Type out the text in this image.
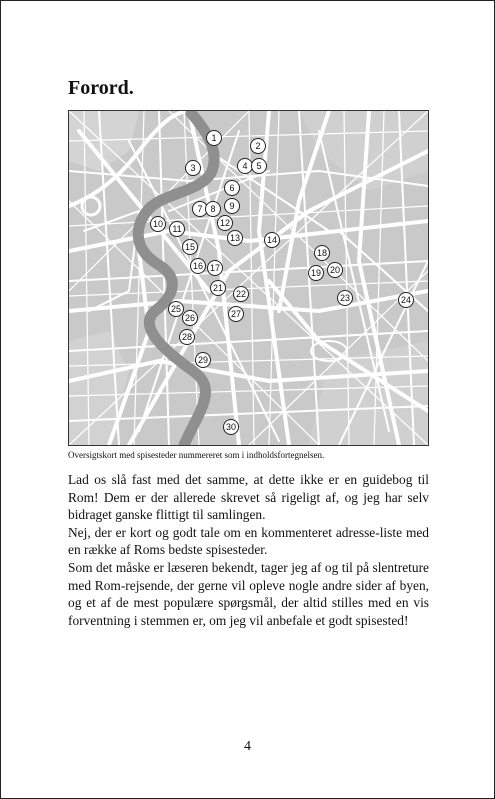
Forord.
1
2
3	4 5
6
7 8 9
10 11
12
13	14
15
16 17
18
19 20
21
22	23	24
25
26	27
28
29
30

Oversigtskort med spisesteder nummereret som i indholdsfortegnelsen.

Lad os slå fast med det samme, at dette ikke er en guidebog til Rom! Dem er der allerede skrevet så rigeligt af, og jeg har selv bidraget ganske flittigt til samlingen.

Nej, der er kort og godt tale om en kommenteret adresse-liste med en række af Roms bedste spisesteder.

Som det måske er læseren bekendt, tager jeg af og til på slentreture med Rom-rejsende, der gerne vil opleve nogle andre sider af byen, og et af de mest populære spørgsmål, der altid stilles med en vis forventning i stemmen er, om jeg vil anbefale et godt spisested!

4
